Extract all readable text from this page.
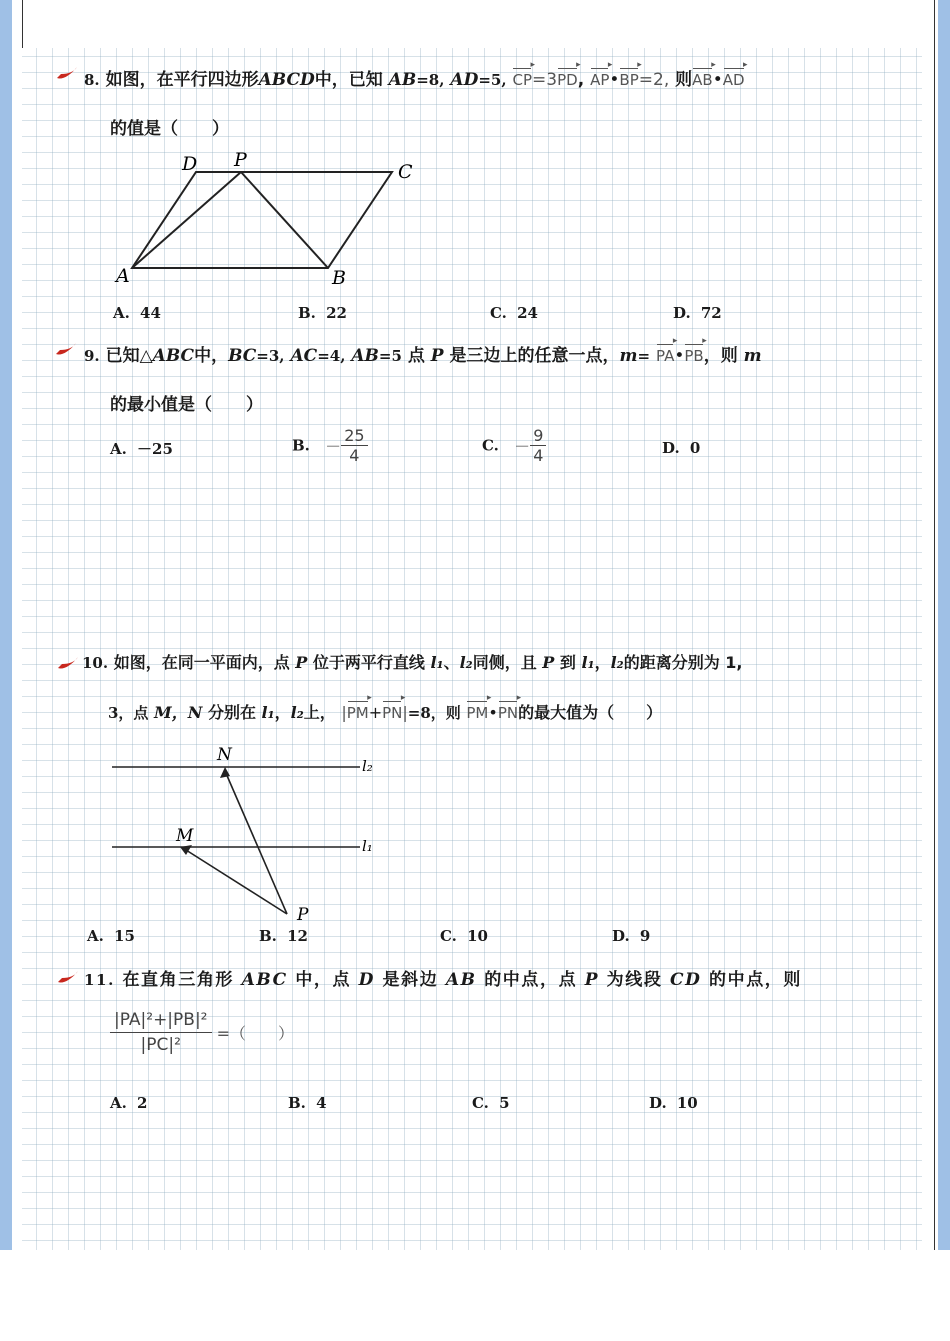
8. 如图，在平行四边形ABCD中，已知 AB=8, AD=5, CP ▸=3PD ▸, AP ▸•BP ▸=2, 则AB ▸•AD ▸
的值是（　　）
D P
C
A	B
A. 44	B. 22	C. 24	D. 72
9. 已知△ABC中，BC=3, AC=4, AB=5 点 P 是三边上的任意一点，m= PA ▸•PB ▸，则 m
的最小值是（　　）
A. －25	B. － $\frac{25}{4}$	C. － $\frac{9}{4}$	D. 0
10. 如图，在同一平面内，点 P 位于两平行直线 l₁、l₂同侧，且 P 到 l₁，l₂的距离分别为 1,
3，点 M，N 分别在 l₁，l₂上， |PM ▸+PN ▸|=8，则 PM ▸•PN ▸的最大值为（　　）
N
M
P
l₂
l₁
A. 15	B. 12	C. 10	D. 9
11. 在直角三角形 ABC 中，点 D 是斜边 AB 的中点，点 P 为线段 CD 的中点，则
$\frac{\text{|PA|²+|PB|²}}{\text{|PC|²}}$ =（　　）
A. 2	B. 4	C. 5	D. 10
